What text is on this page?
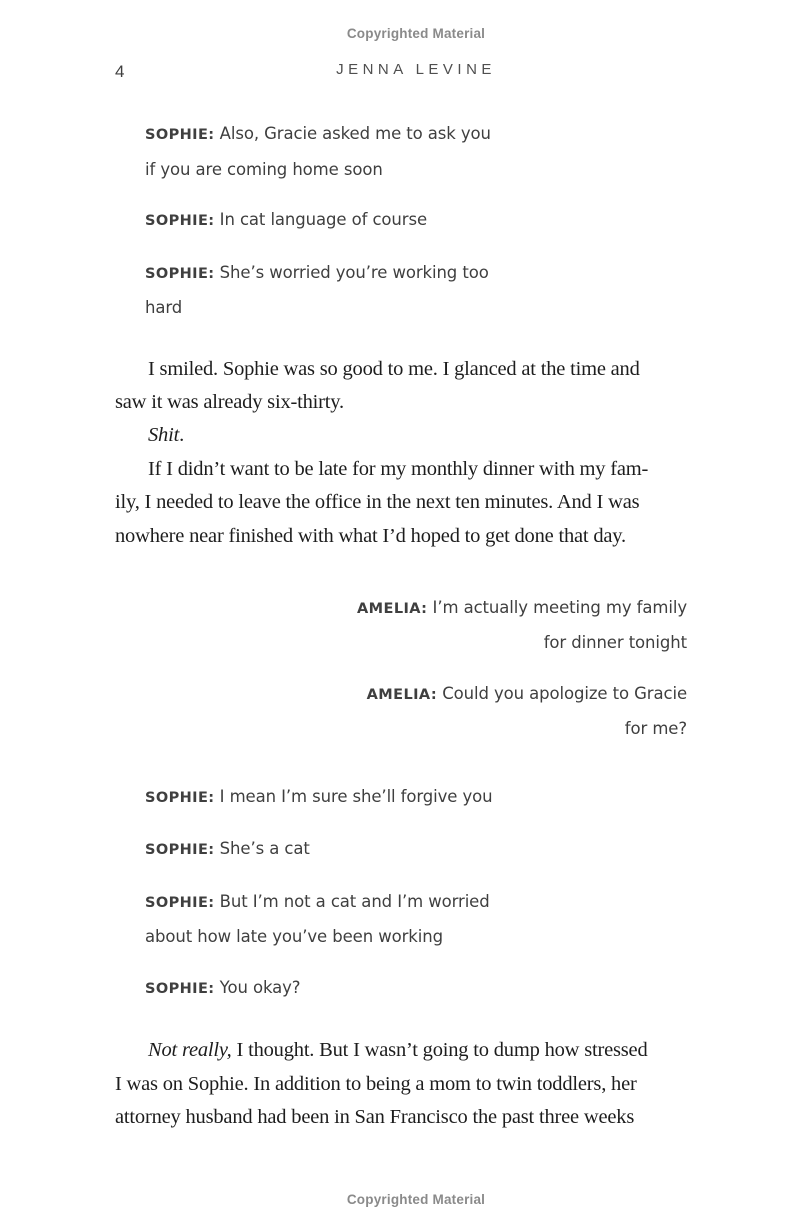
Copyrighted Material
4	JENNA LEVINE
SOPHIE: Also, Gracie asked me to ask you
if you are coming home soon
SOPHIE: In cat language of course
SOPHIE: She’s worried you’re working too
hard
I smiled. Sophie was so good to me. I glanced at the time and
saw it was already six-thirty.
Shit.
If I didn’t want to be late for my monthly dinner with my fam-
ily, I needed to leave the office in the next ten minutes. And I was
nowhere near finished with what I’d hoped to get done that day.
AMELIA: I’m actually meeting my family
for dinner tonight
AMELIA: Could you apologize to Gracie
for me?
SOPHIE: I mean I’m sure she’ll forgive you
SOPHIE: She’s a cat
SOPHIE: But I’m not a cat and I’m worried
about how late you’ve been working
SOPHIE: You okay?
Not really, I thought. But I wasn’t going to dump how stressed
I was on Sophie. In addition to being a mom to twin toddlers, her
attorney husband had been in San Francisco the past three weeks
Copyrighted Material
